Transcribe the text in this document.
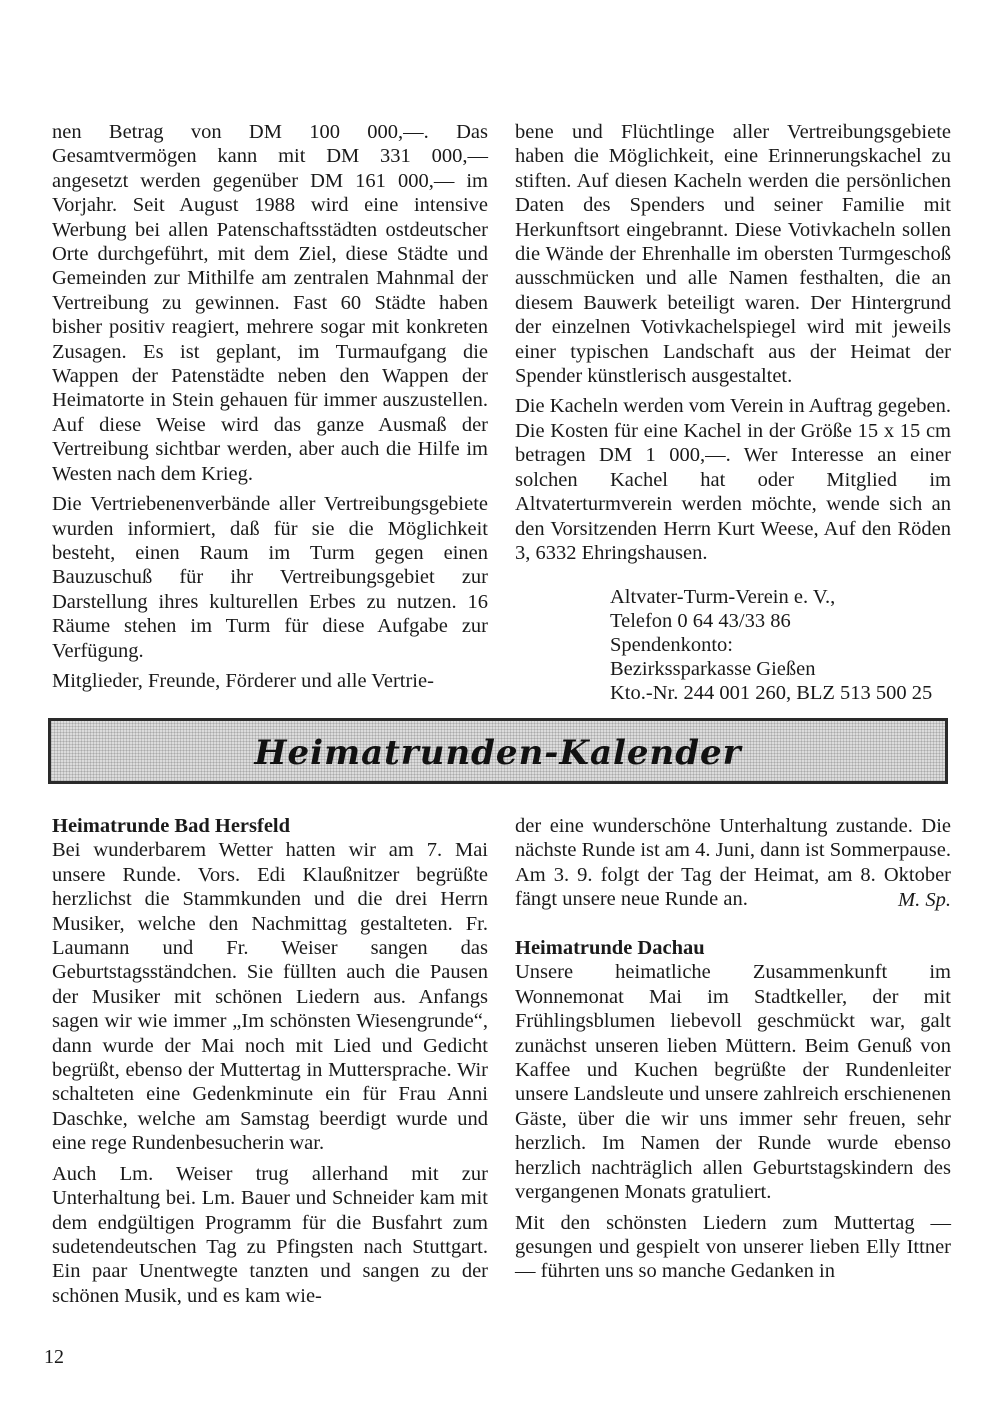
nen Betrag von DM 100 000,—. Das Gesamtvermögen kann mit DM 331 000,— angesetzt werden gegenüber DM 161 000,— im Vorjahr. Seit August 1988 wird eine intensive Werbung bei allen Patenschaftsstädten ostdeutscher Orte durchgeführt, mit dem Ziel, diese Städte und Gemeinden zur Mithilfe am zentralen Mahnmal der Vertreibung zu gewinnen. Fast 60 Städte haben bisher positiv reagiert, mehrere sogar mit konkreten Zusagen. Es ist geplant, im Turmaufgang die Wappen der Patenstädte neben den Wappen der Heimatorte in Stein gehauen für immer auszustellen. Auf diese Weise wird das ganze Ausmaß der Vertreibung sichtbar werden, aber auch die Hilfe im Westen nach dem Krieg.

Die Vertriebenenverbände aller Vertreibungsgebiete wurden informiert, daß für sie die Möglichkeit besteht, einen Raum im Turm gegen einen Bauzuschuß für ihr Vertreibungsgebiet zur Darstellung ihres kulturellen Erbes zu nutzen. 16 Räume stehen im Turm für diese Aufgabe zur Verfügung.

Mitglieder, Freunde, Förderer und alle Vertrie-

bene und Flüchtlinge aller Vertreibungsgebiete haben die Möglichkeit, eine Erinnerungskachel zu stiften. Auf diesen Kacheln werden die persönlichen Daten des Spenders und seiner Familie mit Herkunftsort eingebrannt. Diese Votivkacheln sollen die Wände der Ehrenhalle im obersten Turmgeschoß ausschmücken und alle Namen festhalten, die an diesem Bauwerk beteiligt waren. Der Hintergrund der einzelnen Votivkachelspiegel wird mit jeweils einer typischen Landschaft aus der Heimat der Spender künstlerisch ausgestaltet.

Die Kacheln werden vom Verein in Auftrag gegeben. Die Kosten für eine Kachel in der Größe 15 x 15 cm betragen DM 1 000,—. Wer Interesse an einer solchen Kachel hat oder Mitglied im Altvaterturmverein werden möchte, wende sich an den Vorsitzenden Herrn Kurt Weese, Auf den Röden 3, 6332 Ehringshausen.

Altvater-Turm-Verein e. V.,
Telefon 0 64 43/33 86
Spendenkonto:
Bezirkssparkasse Gießen
Kto.-Nr. 244 001 260, BLZ 513 500 25
Heimatrunden-Kalender

Heimatrunde Bad Hersfeld

Bei wunderbarem Wetter hatten wir am 7. Mai unsere Runde. Vors. Edi Klaußnitzer begrüßte herzlichst die Stammkunden und die drei Herrn Musiker, welche den Nachmittag gestalteten. Fr. Laumann und Fr. Weiser sangen das Geburtstagsständchen. Sie füllten auch die Pausen der Musiker mit schönen Liedern aus. Anfangs sagen wir wie immer „Im schönsten Wiesengrunde“, dann wurde der Mai noch mit Lied und Gedicht begrüßt, ebenso der Muttertag in Muttersprache. Wir schalteten eine Gedenkminute ein für Frau Anni Daschke, welche am Samstag beerdigt wurde und eine rege Rundenbesucherin war.

Auch Lm. Weiser trug allerhand mit zur Unterhaltung bei. Lm. Bauer und Schneider kam mit dem endgültigen Programm für die Busfahrt zum sudetendeutschen Tag zu Pfingsten nach Stuttgart. Ein paar Unentwegte tanzten und sangen zu der schönen Musik, und es kam wie-

der eine wunderschöne Unterhaltung zustande. Die nächste Runde ist am 4. Juni, dann ist Sommerpause. Am 3. 9. folgt der Tag der Heimat, am 8. Oktober fängt unsere neue Runde an.	M. Sp.

Heimatrunde Dachau

Unsere heimatliche Zusammenkunft im Wonnemonat Mai im Stadtkeller, der mit Frühlingsblumen liebevoll geschmückt war, galt zunächst unseren lieben Müttern. Beim Genuß von Kaffee und Kuchen begrüßte der Rundenleiter unsere Landsleute und unsere zahlreich erschienenen Gäste, über die wir uns immer sehr freuen, sehr herzlich. Im Namen der Runde wurde ebenso herzlich nachträglich allen Geburtstagskindern des vergangenen Monats gratuliert.

Mit den schönsten Liedern zum Muttertag — gesungen und gespielt von unserer lieben Elly Ittner — führten uns so manche Gedanken in

12
